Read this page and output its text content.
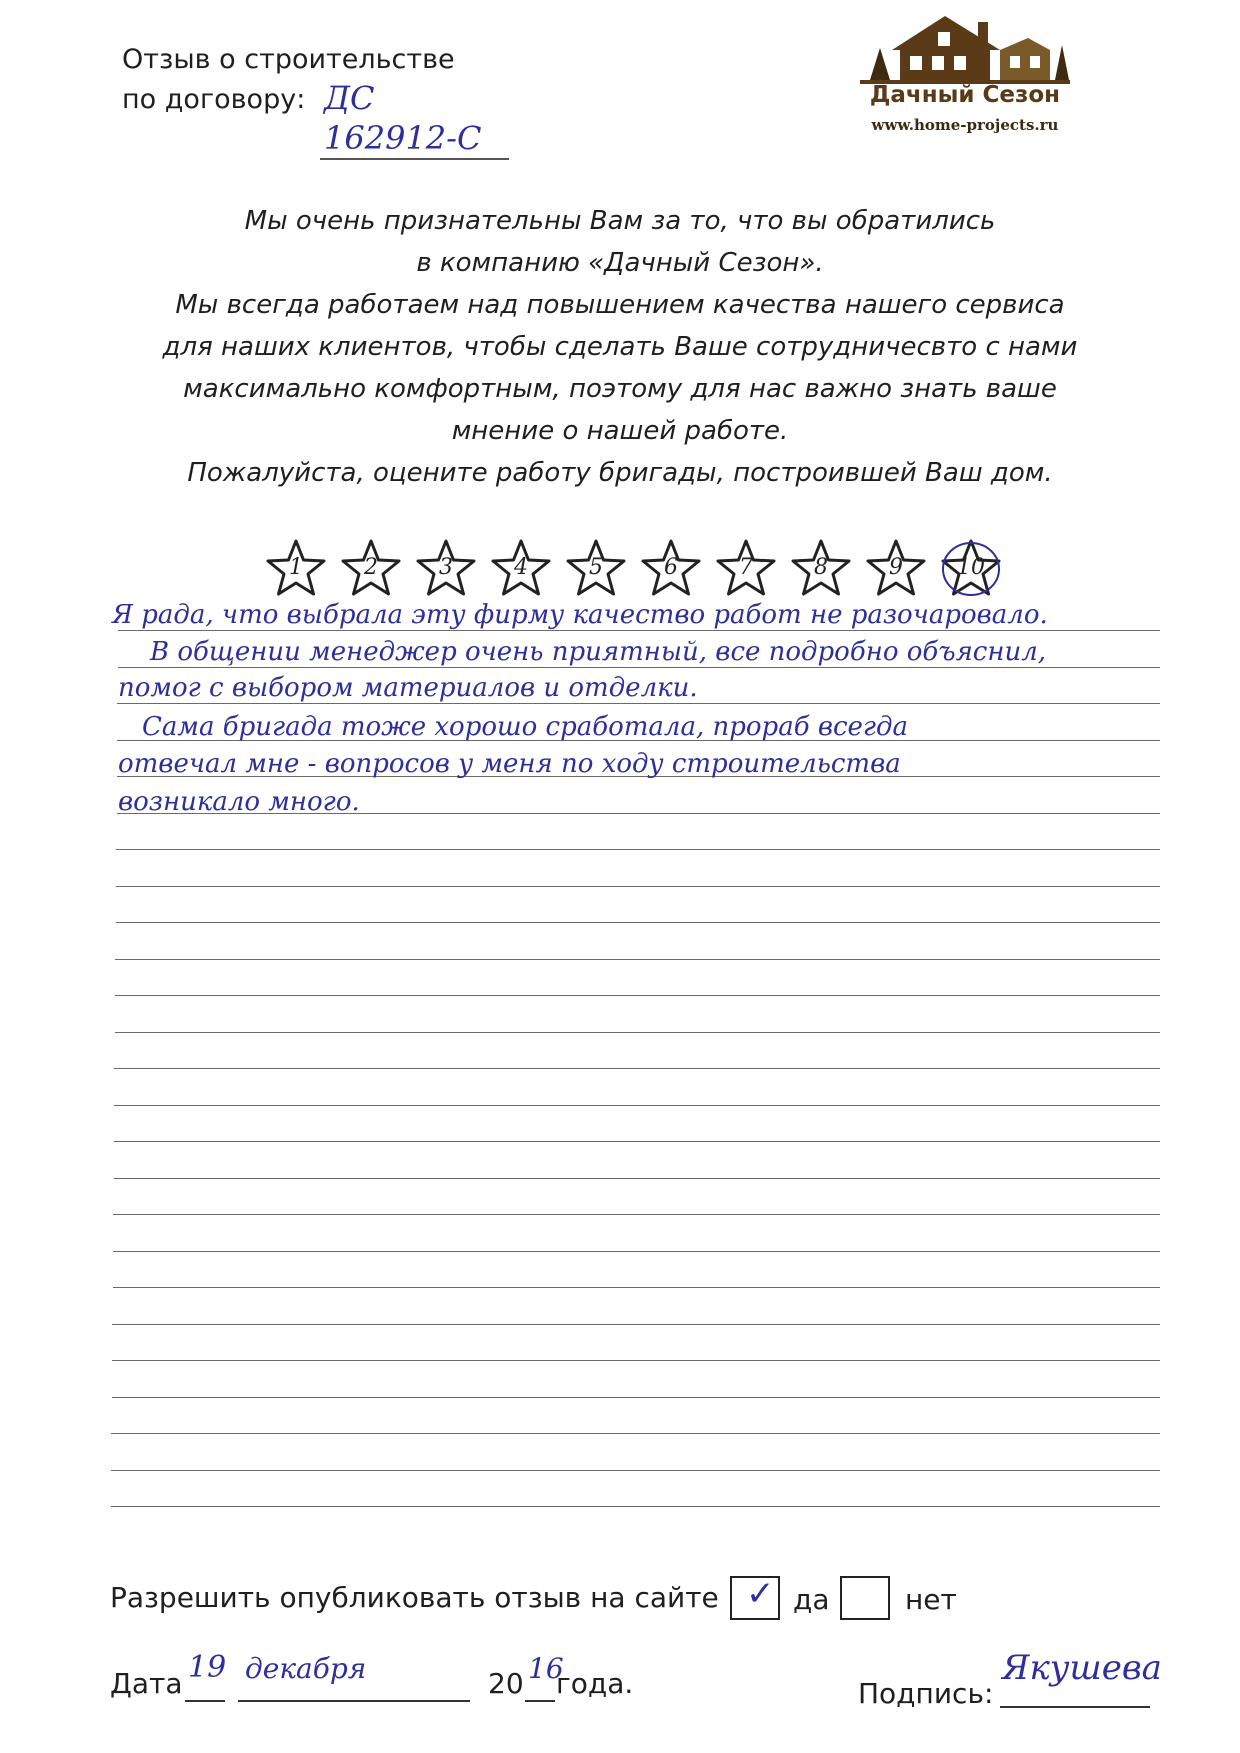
Отзыв о строительстве
по договору: ДС 162912-С
Дачный Сезон
www.home-projects.ru
Мы очень признательны Вам за то, что вы обратились
в компанию «Дачный Сезон».
Мы всегда работаем над повышением качества нашего сервиса
для наших клиентов, чтобы сделать Ваше сотрудничесвто с нами
максимально комфортным, поэтому для нас важно знать ваше
мнение о нашей работе.
Пожалуйста, оцените работу бригады, построившей Ваш дом.
1	2	3	4	5	6	7	8	9	10
Я рада, что выбрала эту фирму качество работ не разочаровало.
В общении менеджер очень приятный, все подробно объяснил,
помог с выбором материалов и отделки.
Сама бригада тоже хорошо сработала, прораб всегда
отвечал мне - вопросов у меня по ходу строительства
возникало много.
Разрешить опубликовать отзыв на сайте ✓ да	нет
Дата 19 декабря	20 16
года.	Подпись:
Якушева
